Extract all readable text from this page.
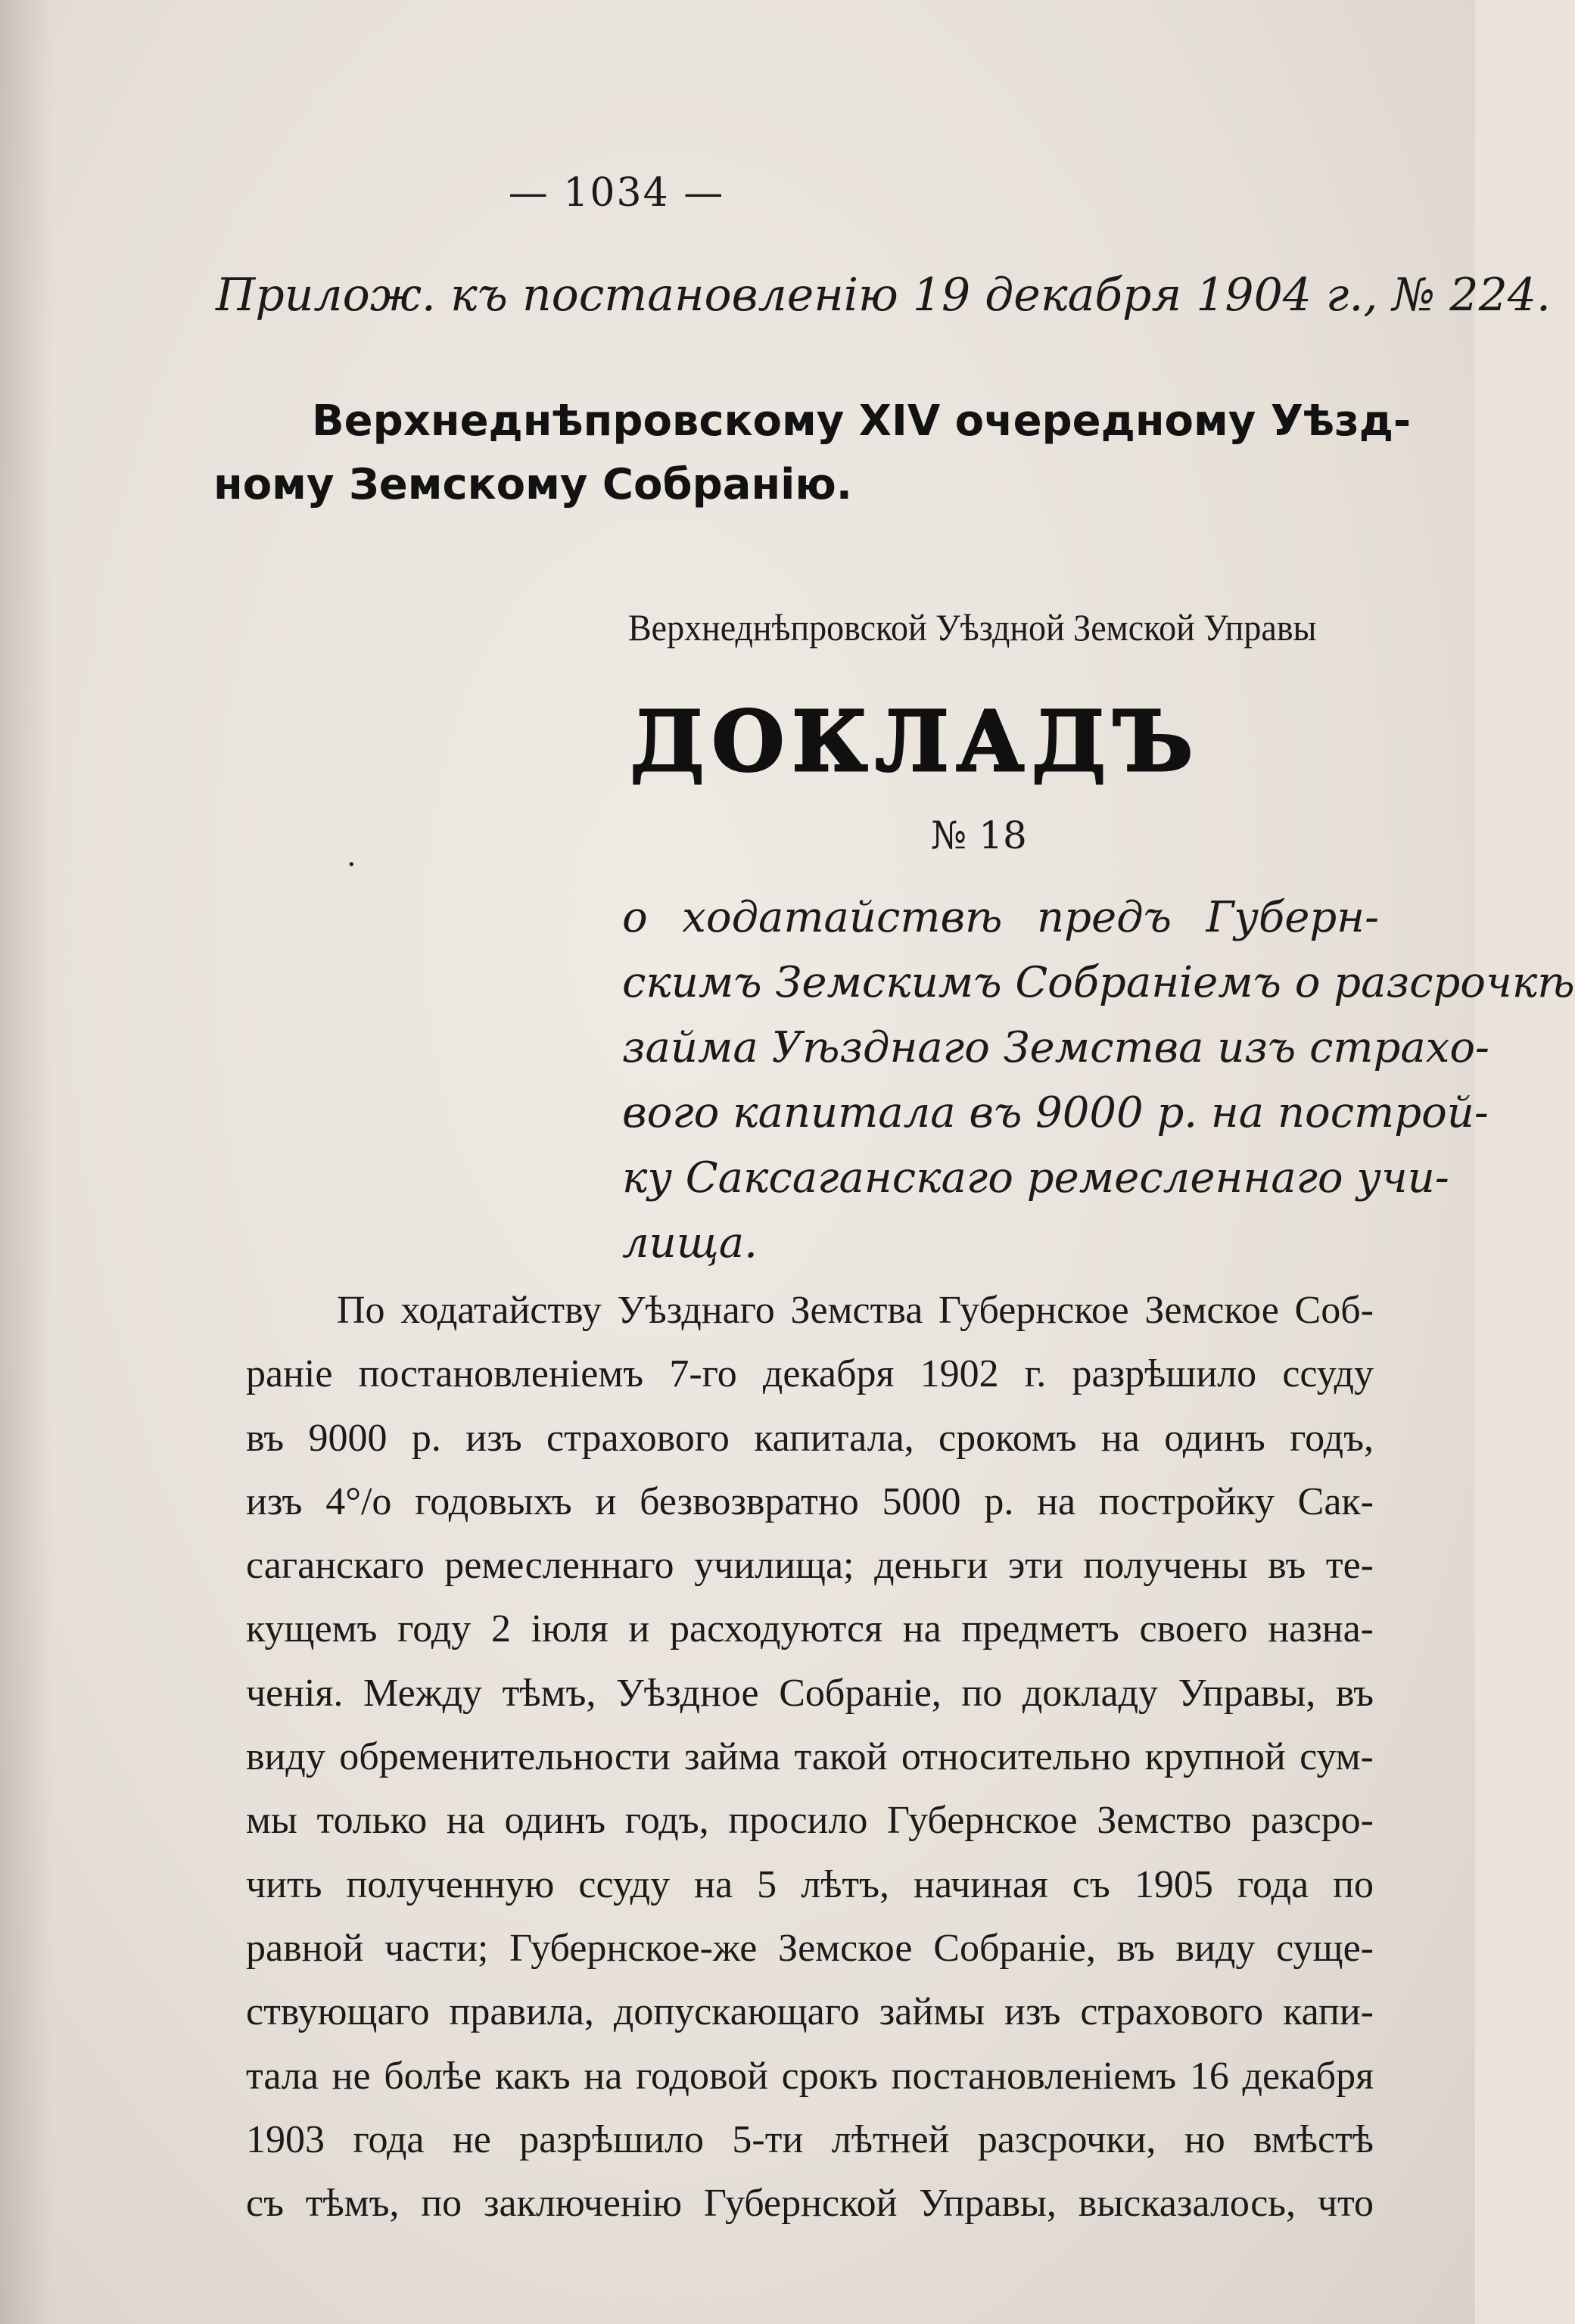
— 1034 —
Прилож. къ постановленію 19 декабря 1904 г., № 224.
Верхнеднѣпровскому XIV очередному Уѣзд-
ному Земскому Собранію.
Верхнеднѣпровской Уѣздной Земской Управы
ДОКЛАДЪ
№ 18
·
о ходатайствѣ предъ Губерн-
скимъ Земскимъ Собраніемъ о разсрочкѣ
займа Уѣзднаго Земства изъ страхо-
вого капитала въ 9000 р. на построй-
ку Саксаганскаго ремесленнаго учи-
лища.
По ходатайству Уѣзднаго Земства Губернское Земское Соб-
раніе постановленіемъ 7-го декабря 1902 г. разрѣшило ссуду
въ 9000 р. изъ страхового капитала, срокомъ на одинъ годъ,
изъ 4°/о годовыхъ и безвозвратно 5000 р. на постройку Сак-
саганскаго ремесленнаго училища; деньги эти получены въ те-
кущемъ году 2 іюля и расходуются на предметъ своего назна-
ченія. Между тѣмъ, Уѣздное Собраніе, по докладу Управы, въ
виду обременительности займа такой относительно крупной сум-
мы только на одинъ годъ, просило Губернское Земство разсро-
чить полученную ссуду на 5 лѣтъ, начиная съ 1905 года по
равной части; Губернское-же Земское Собраніе, въ виду суще-
ствующаго правила, допускающаго займы изъ страхового капи-
тала не болѣе какъ на годовой срокъ постановленіемъ 16 декабря
1903 года не разрѣшило 5-ти лѣтней разсрочки, но вмѣстѣ
съ тѣмъ, по заключенію Губернской Управы, высказалось, что
